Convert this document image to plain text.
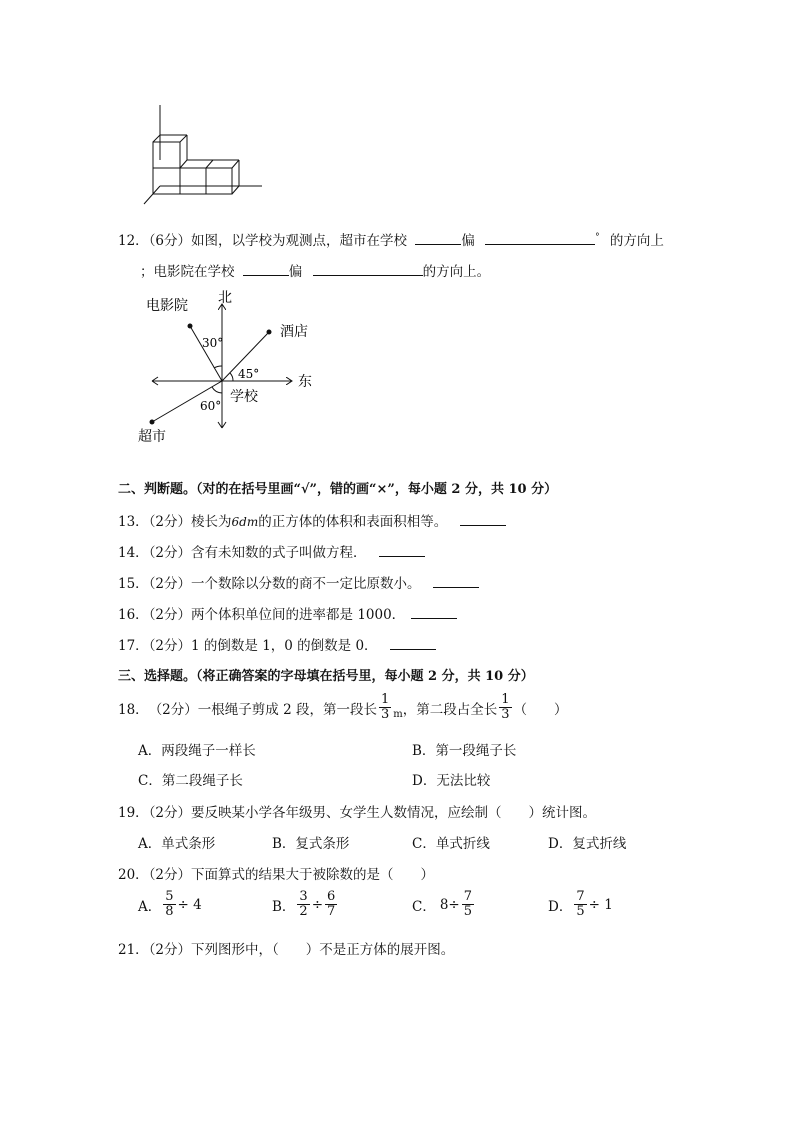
12．（6分）如图，以学校为观测点，超市在学校	偏	° 的方向上
；电影院在学校	偏	的方向上。
北
东
电影院
酒店
学校
超市
30°
45°
60°
二、判断题。（对的在括号里画“√”，错的画“×”，每小题 2 分，共 10 分）
13．（2分）棱长为6dm的正方体的体积和表面积相等。
14．（2分）含有未知数的式子叫做方程．
15．（2分）一个数除以分数的商不一定比原数小。
16．（2分）两个体积单位间的进率都是 1000．
17．（2分）1 的倒数是 1，0 的倒数是 0．
三、选择题。（将正确答案的字母填在括号里，每小题 2 分，共 10 分）
18． （2分） 一根绳子剪成 2 段，第一段长 $\frac{1}{3}$ m ，第二段占全长 $\frac{1}{3}$ （　　）
A．两段绳子一样长	B．第一段绳子长
C．第二段绳子长	D．无法比较
19．（2分）要反映某小学各年级男、女学生人数情况，应绘制（　　）统计图。
A．单式条形	B．复式条形	C．单式折线	D．复式折线
20．（2分）下面算式的结果大于被除数的是（　　）
A． $\frac{5}{8} \div 4$	B． $\frac{3}{2} \div \frac{6}{7}$	C． $8\div \frac{7}{5}$	D． $\frac{7}{5} \div 1$
21．（2分）下列图形中，（　　）不是正方体的展开图。
